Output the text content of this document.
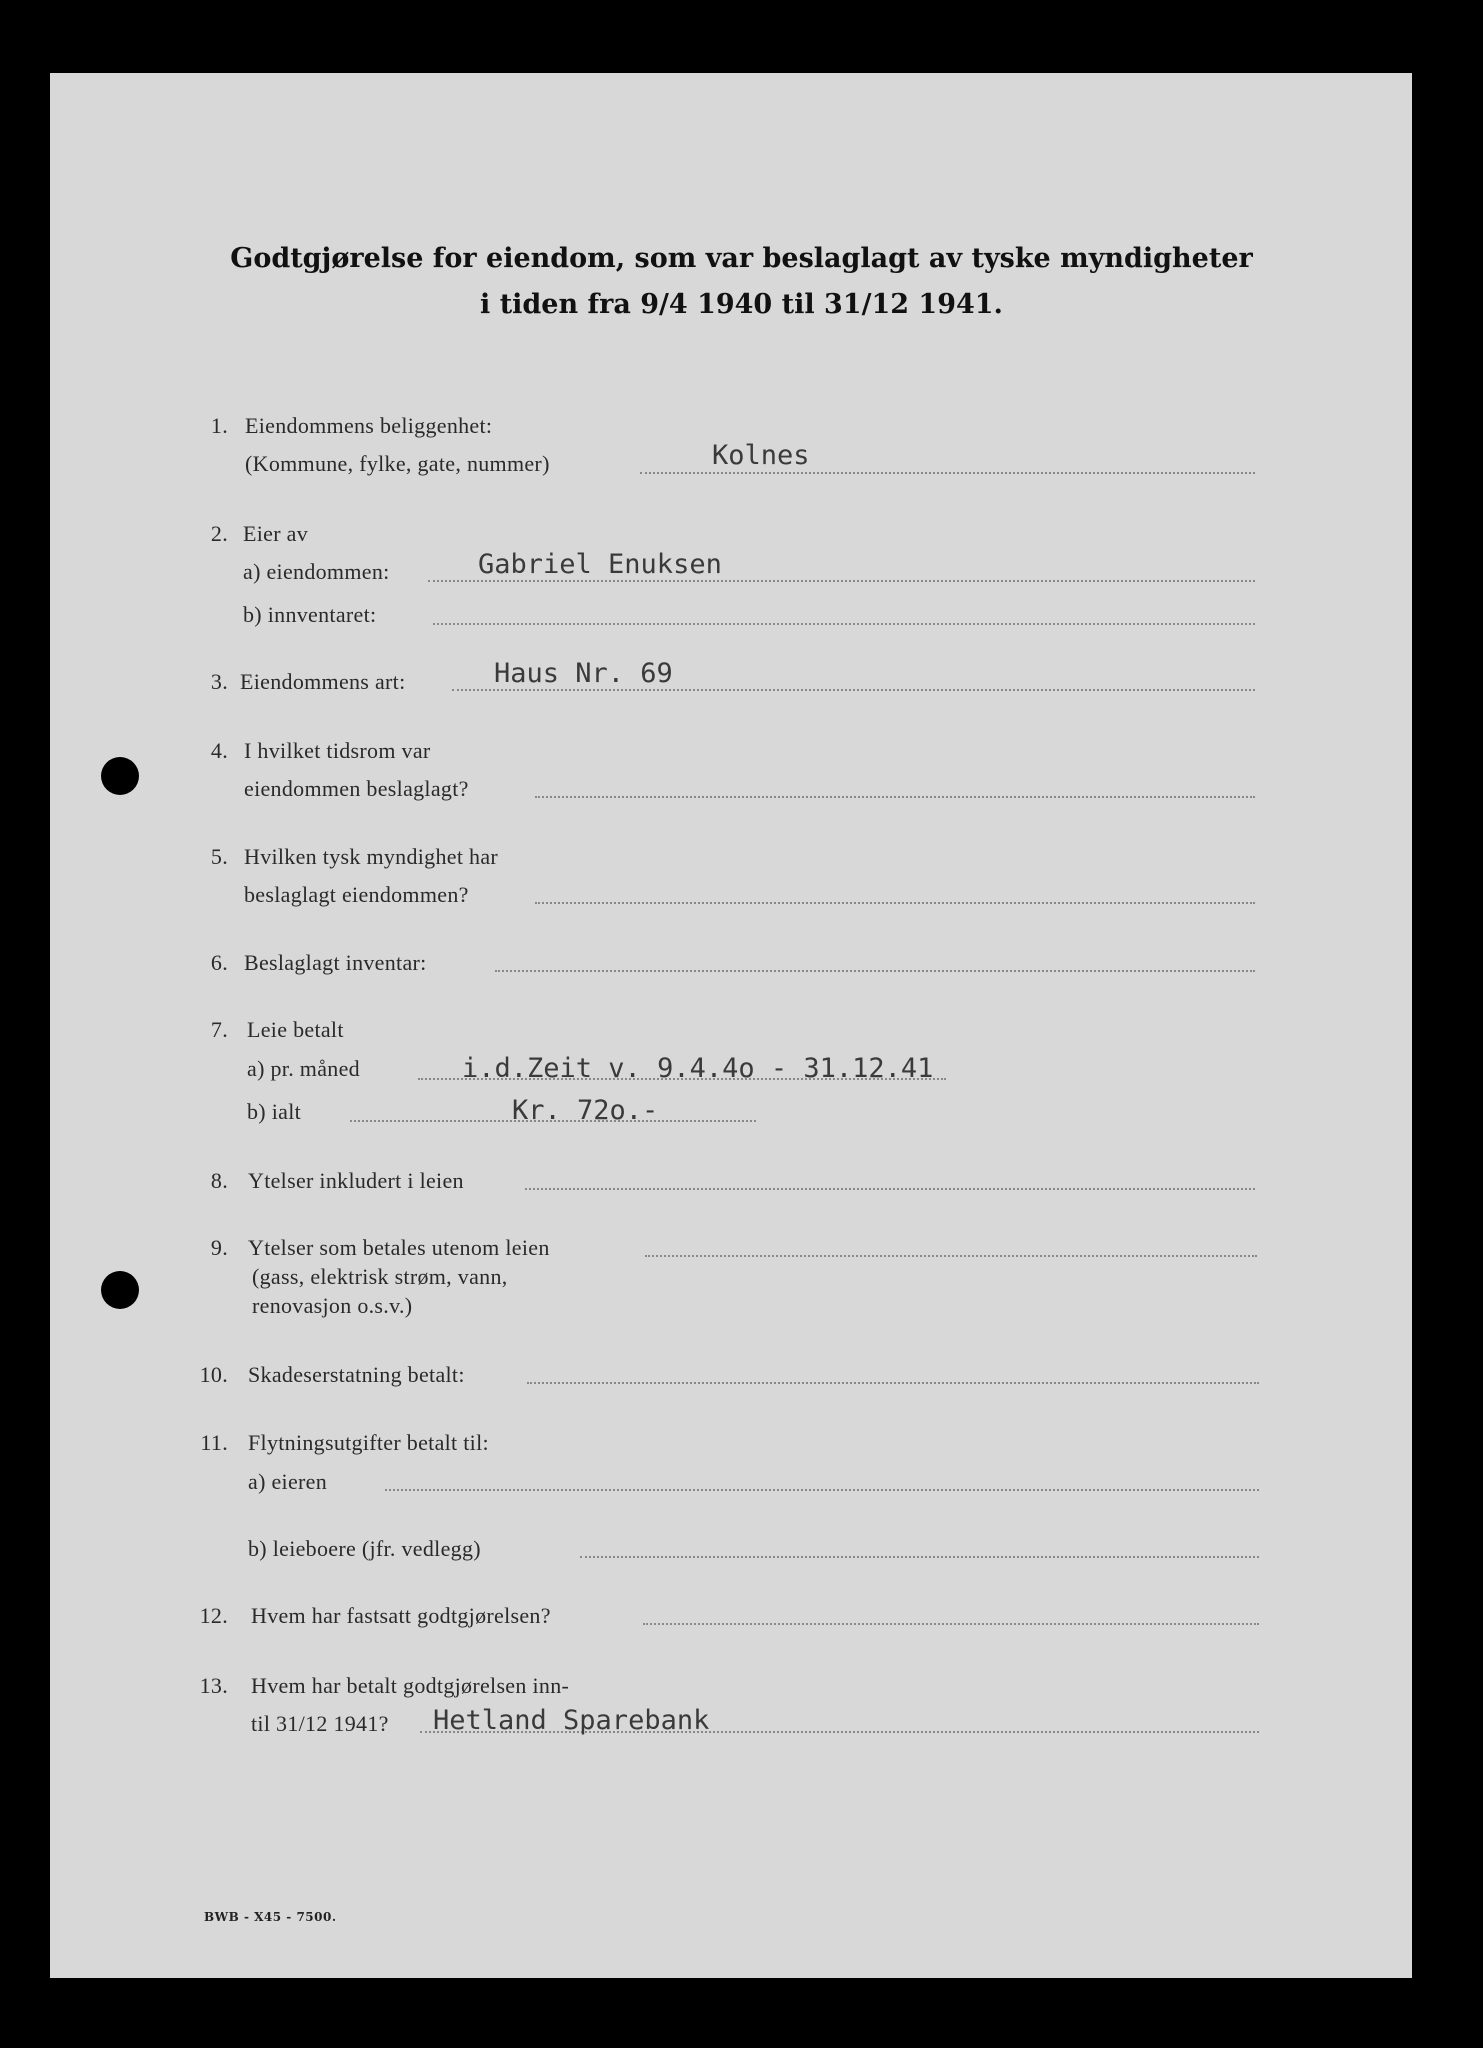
Godtgjørelse for eiendom, som var beslaglagt av tyske myndigheter
i tiden fra 9/4 1940 til 31/12 1941.
1. Eiendommens beliggenhet:
(Kommune, fylke, gate, nummer)	Kolnes
2. Eier av
a) eiendommen:	Gabriel Enuksen
b) innventaret:
3. Eiendommens art:	Haus Nr. 69
4. I hvilket tidsrom var
eiendommen beslaglagt?
5. Hvilken tysk myndighet har
beslaglagt eiendommen?
6. Beslaglagt inventar:
7. Leie betalt
a) pr. måned	i.d.Zeit v. 9.4.4o - 31.12.41
b) ialt	Kr. 72o.-
8. Ytelser inkludert i leien
9. Ytelser som betales utenom leien
(gass, elektrisk strøm, vann,
renovasjon o.s.v.)
10. Skadeserstatning betalt:
11. Flytningsutgifter betalt til:
a) eieren
b) leieboere (jfr. vedlegg)
12. Hvem har fastsatt godtgjørelsen?
13. Hvem har betalt godtgjørelsen inn-
til 31/12 1941? Hetland Sparebank
BWB - X45 - 7500.
